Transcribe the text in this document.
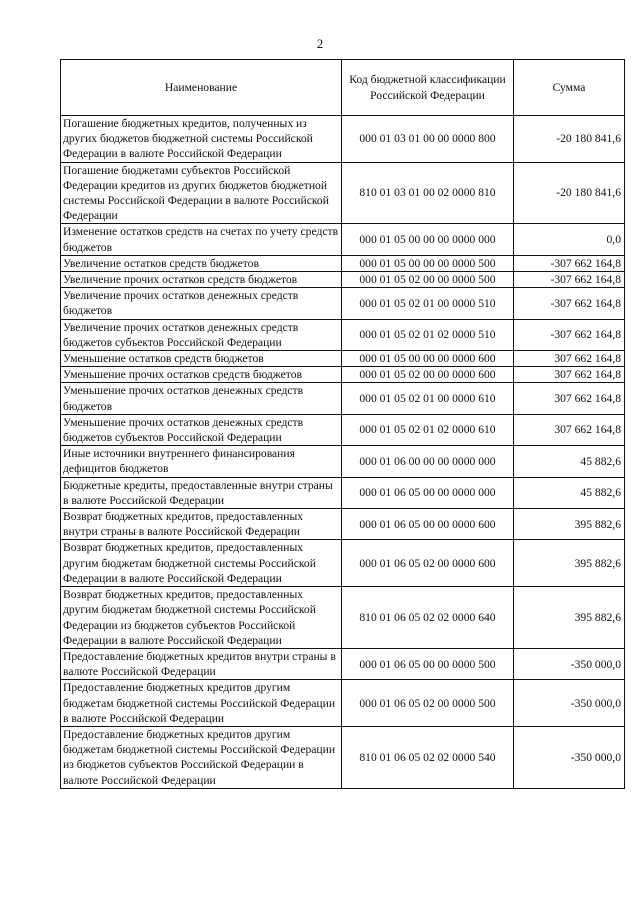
2
Наименование	Код бюджетной классификации Российской Федерации	Сумма
Погашение бюджетных кредитов, полученных из других бюджетов бюджетной системы Российской Федерации в валюте Российской Федерации	000 01 03 01 00 00 0000 800	-20 180 841,6
Погашение бюджетами субъектов Российской Федерации кредитов из других бюджетов бюджетной системы Российской Федерации в валюте Российской Федерации	810 01 03 01 00 02 0000 810	-20 180 841,6
Изменение остатков средств на счетах по учету средств бюджетов	000 01 05 00 00 00 0000 000	0,0
Увеличение остатков средств бюджетов	000 01 05 00 00 00 0000 500	-307 662 164,8
Увеличение прочих остатков средств бюджетов	000 01 05 02 00 00 0000 500	-307 662 164,8
Увеличение прочих остатков денежных средств бюджетов	000 01 05 02 01 00 0000 510	-307 662 164,8
Увеличение прочих остатков денежных средств бюджетов субъектов Российской Федерации	000 01 05 02 01 02 0000 510	-307 662 164,8
Уменьшение остатков средств бюджетов	000 01 05 00 00 00 0000 600	307 662 164,8
Уменьшение прочих остатков средств бюджетов	000 01 05 02 00 00 0000 600	307 662 164,8
Уменьшение прочих остатков денежных средств бюджетов	000 01 05 02 01 00 0000 610	307 662 164,8
Уменьшение прочих остатков денежных средств бюджетов субъектов Российской Федерации	000 01 05 02 01 02 0000 610	307 662 164,8
Иные источники внутреннего финансирования дефицитов бюджетов	000 01 06 00 00 00 0000 000	45 882,6
Бюджетные кредиты, предоставленные внутри страны в валюте Российской Федерации	000 01 06 05 00 00 0000 000	45 882,6
Возврат бюджетных кредитов, предоставленных внутри страны в валюте Российской Федерации	000 01 06 05 00 00 0000 600	395 882,6
Возврат бюджетных кредитов, предоставленных другим бюджетам бюджетной системы Российской Федерации в валюте Российской Федерации	000 01 06 05 02 00 0000 600	395 882,6
Возврат бюджетных кредитов, предоставленных другим бюджетам бюджетной системы Российской Федерации из бюджетов субъектов Российской Федерации в валюте Российской Федерации	810 01 06 05 02 02 0000 640	395 882,6
Предоставление бюджетных кредитов внутри страны в валюте Российской Федерации	000 01 06 05 00 00 0000 500	-350 000,0
Предоставление бюджетных кредитов другим бюджетам бюджетной системы Российской Федерации в валюте Российской Федерации	000 01 06 05 02 00 0000 500	-350 000,0
Предоставление бюджетных кредитов другим бюджетам бюджетной системы Российской Федерации из бюджетов субъектов Российской Федерации в валюте Российской Федерации	810 01 06 05 02 02 0000 540	-350 000,0
